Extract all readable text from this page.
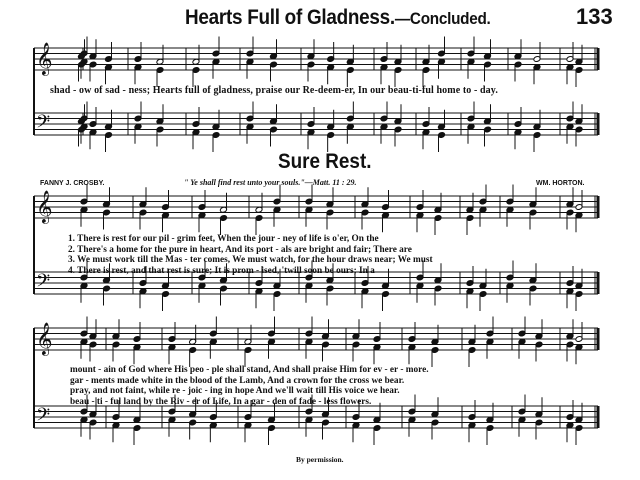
Hearts Full of Gladness.—Concluded.	133
𝄞
𝄢
𝄞
𝄢
𝄞
𝄢
shad - ow of sad - ness; Hearts full of gladness, praise our Re-deem-er, In our beau-ti-ful home to - day.
Sure Rest.
FANNY J. CROSBY.	" Ye shall find rest unto your souls."—Matt. 11 : 29.	WM. HORTON.
1. There is rest for our pil - grim feet, When the jour - ney of life is o'er, On the
2. There's a home for the pure in heart, And its port - als are bright and fair; There are
3. We must work till the Mas - ter comes, We must watch, for the hour draws near; We must
4. There is rest, and that rest is sure; It is prom - ised, 'twill soon be ours; In a
mount - ain of God where His peo - ple shall stand, And shall praise Him for ev - er - more.
gar - ments made white in the blood of the Lamb, And a crown for the cross we bear.
pray, and not faint, while re - joic - ing in hope And we'll wait till His voice we hear.
beau - ti - ful land by the Riv - er of Life, In a gar - den of fade - less flowers.
By permission.
